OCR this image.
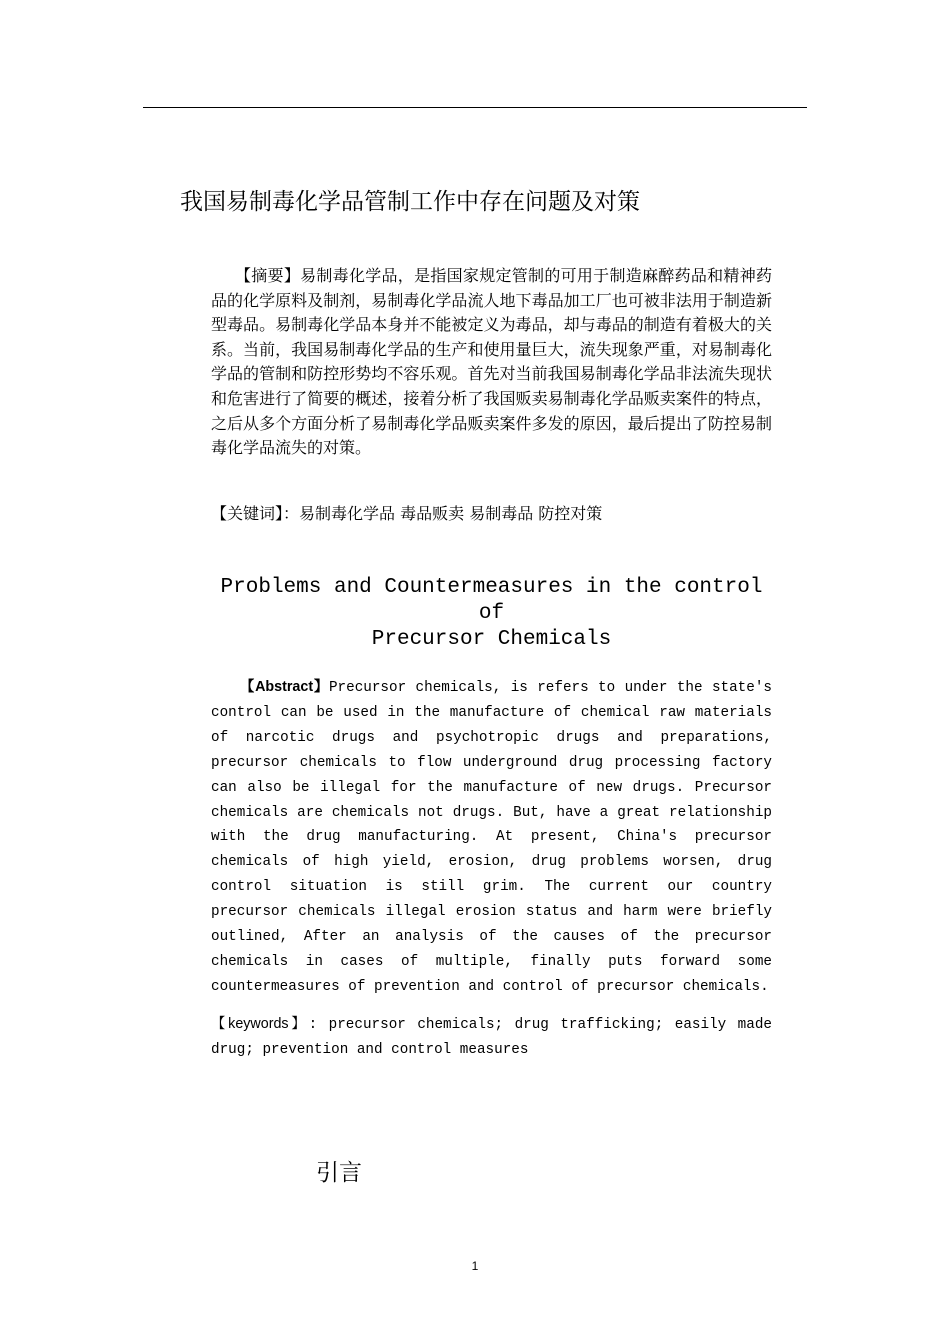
我国易制毒化学品管制工作中存在问题及对策

【摘要】易制毒化学品，是指国家规定管制的可用于制造麻醉药品和精神药品的化学原料及制剂，易制毒化学品流人地下毒品加工厂也可被非法用于制造新型毒品。易制毒化学品本身并不能被定义为毒品，却与毒品的制造有着极大的关系。当前，我国易制毒化学品的生产和使用量巨大，流失现象严重，对易制毒化学品的管制和防控形势均不容乐观。首先对当前我国易制毒化学品非法流失现状和危害进行了简要的概述，接着分析了我国贩卖易制毒化学品贩卖案件的特点，之后从多个方面分析了易制毒化学品贩卖案件多发的原因，最后提出了防控易制毒化学品流失的对策。

【关键词】：易制毒化学品 毒品贩卖 易制毒品 防控对策
Problems and Countermeasures in the control of
Precursor Chemicals

【Abstract】Precursor chemicals, is refers to under the state's control can be used in the manufacture of chemical raw materials of narcotic drugs and psychotropic drugs and preparations, precursor chemicals to flow underground drug processing factory can also be illegal for the manufacture of new drugs. Precursor chemicals are chemicals not drugs. But, have a great relationship with the drug manufacturing. At present, China's precursor chemicals of high yield, erosion, drug problems worsen, drug control situation is still grim. The current our country precursor chemicals illegal erosion status and harm were briefly outlined, After an analysis of the causes of the precursor chemicals in cases of multiple, finally puts forward some countermeasures of prevention and control of precursor chemicals.

【keywords】: precursor chemicals; drug trafficking; easily made drug; prevention and control measures
引言
1
